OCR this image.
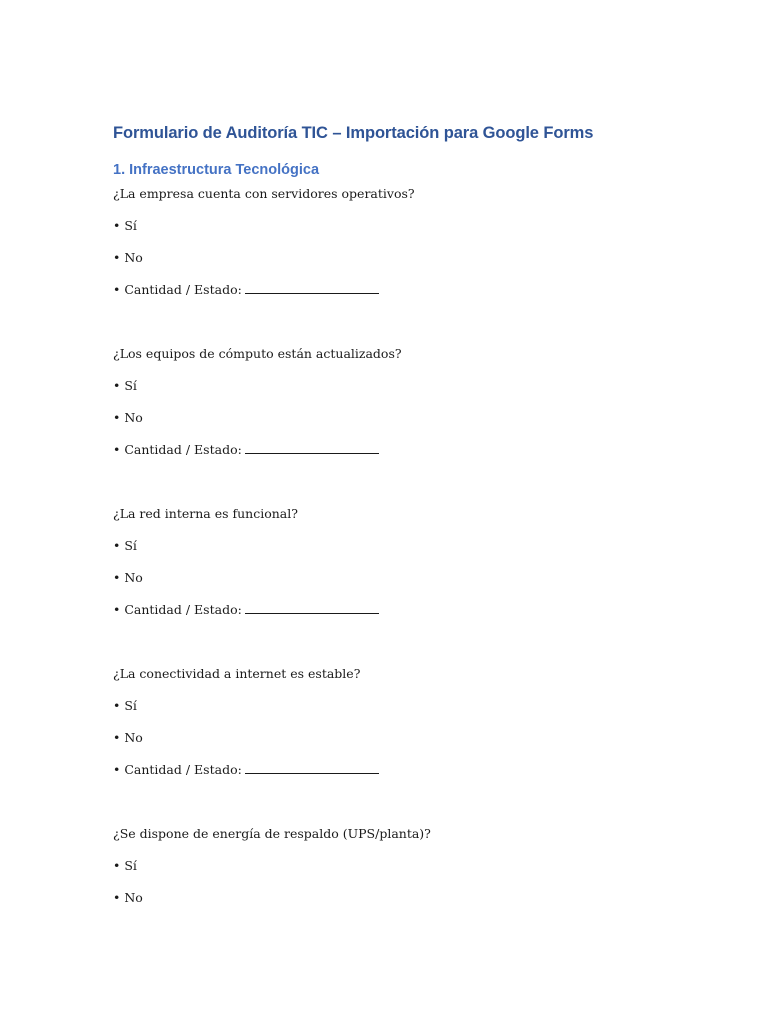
Formulario de Auditoría TIC – Importación para Google Forms
1. Infraestructura Tecnológica
¿La empresa cuenta con servidores operativos?
• Sí
• No
• Cantidad / Estado:
¿Los equipos de cómputo están actualizados?
• Sí
• No
• Cantidad / Estado:
¿La red interna es funcional?
• Sí
• No
• Cantidad / Estado:
¿La conectividad a internet es estable?
• Sí
• No
• Cantidad / Estado:
¿Se dispone de energía de respaldo (UPS/planta)?
• Sí
• No
